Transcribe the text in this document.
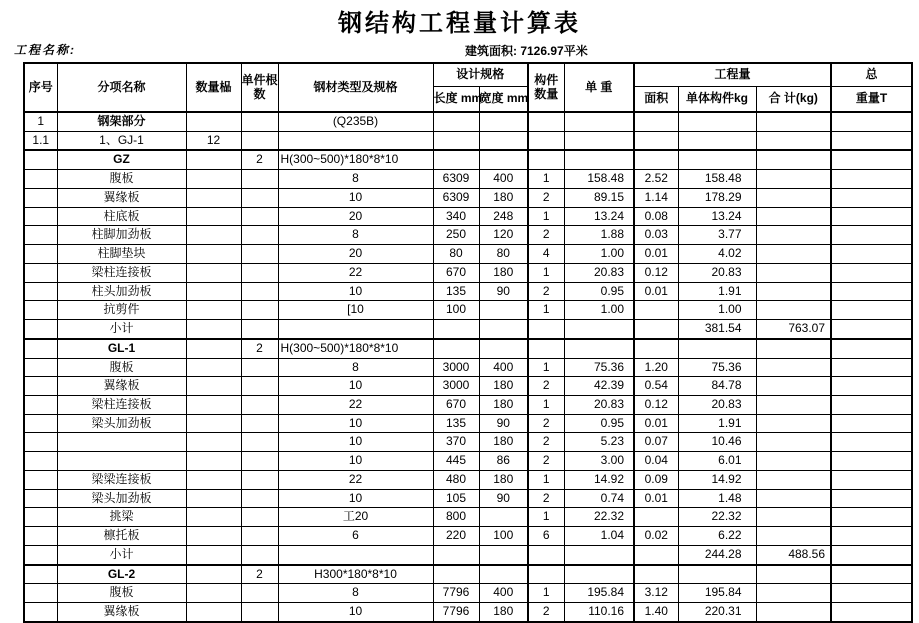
钢结构工程量计算表
工程名称:	建筑面积: 7126.97平米
序号	分项名称	数量榀	单件根数	钢材类型及规格	设计规格		构件数量	单 重	工程量			总
					长度 mm	宽度 mm			面积	单体构件kg	合 计(kg)	重量T
1	钢架部分			(Q235B)								
1.1	1、GJ-1	12										
	GZ		2	H(300~500)*180*8*10								
	腹板			8	6309	400	1	158.48	2.52	158.48		
	翼缘板			10	6309	180	2	89.15	1.14	178.29		
	柱底板			20	340	248	1	13.24	0.08	13.24		
	柱脚加劲板			8	250	120	2	1.88	0.03	3.77		
	柱脚垫块			20	80	80	4	1.00	0.01	4.02		
	梁柱连接板			22	670	180	1	20.83	0.12	20.83		
	柱头加劲板			10	135	90	2	0.95	0.01	1.91		
	抗剪件			[10	100		1	1.00		1.00		
	小计									381.54	763.07	
	GL-1		2	H(300~500)*180*8*10								
	腹板			8	3000	400	1	75.36	1.20	75.36		
	翼缘板			10	3000	180	2	42.39	0.54	84.78		
	梁柱连接板			22	670	180	1	20.83	0.12	20.83		
	梁头加劲板			10	135	90	2	0.95	0.01	1.91		
				10	370	180	2	5.23	0.07	10.46		
				10	445	86	2	3.00	0.04	6.01		
	梁梁连接板			22	480	180	1	14.92	0.09	14.92		
	梁头加劲板			10	105	90	2	0.74	0.01	1.48		
	挑梁			工20	800		1	22.32		22.32		
	檩托板			6	220	100	6	1.04	0.02	6.22		
	小计									244.28	488.56	
	GL-2		2	H300*180*8*10								
	腹板			8	7796	400	1	195.84	3.12	195.84		
	翼缘板			10	7796	180	2	110.16	1.40	220.31		
